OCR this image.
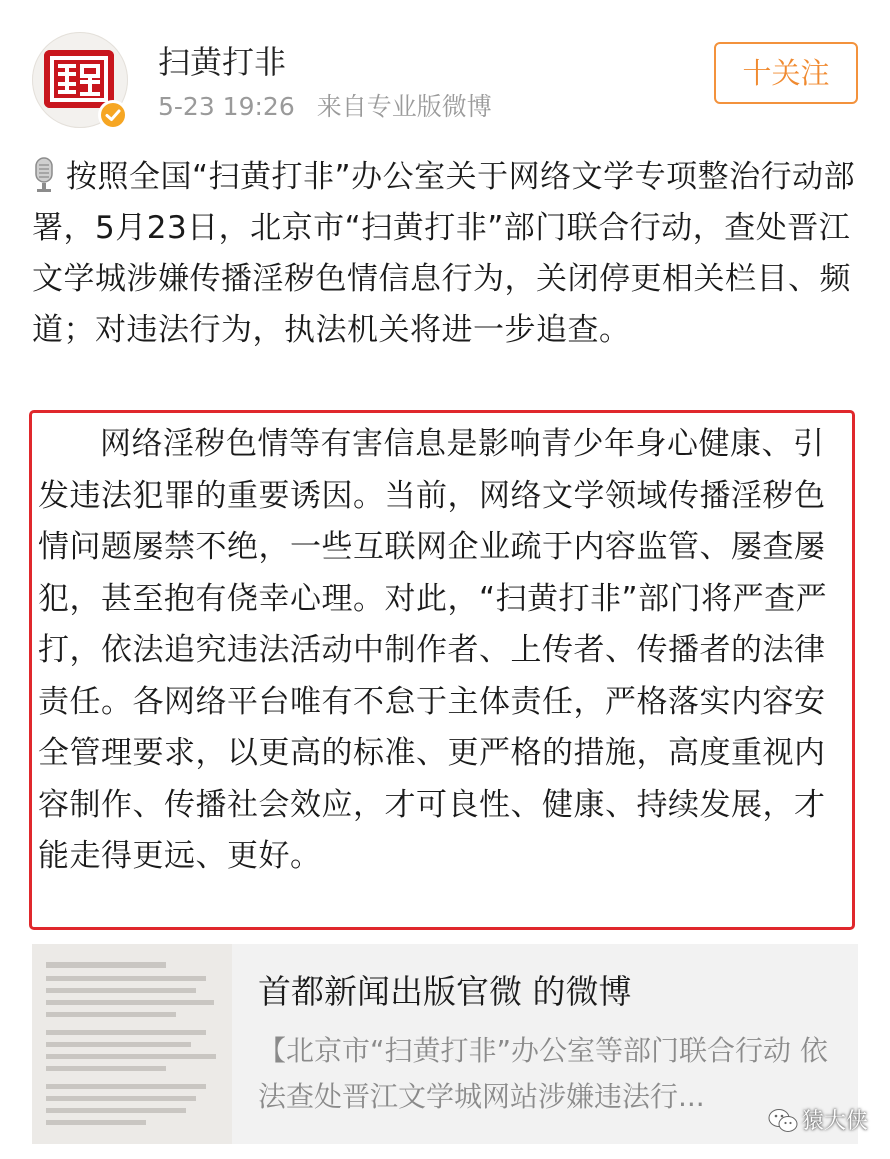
扫黄打非
5-23 19:26 来自专业版微博
十关注

按照全国“扫黄打非”办公室关于网络文学专项整治行动部署，5月23日，北京市“扫黄打非”部门联合行动，查处晋江文学城涉嫌传播淫秽色情信息行为，关闭停更相关栏目、频道；对违法行为，执法机关将进一步追查。

网络淫秽色情等有害信息是影响青少年身心健康、引发违法犯罪的重要诱因。当前，网络文学领域传播淫秽色情问题屡禁不绝，一些互联网企业疏于内容监管、屡查屡犯，甚至抱有侥幸心理。对此，“扫黄打非”部门将严查严打，依法追究违法活动中制作者、上传者、传播者的法律责任。各网络平台唯有不怠于主体责任，严格落实内容安全管理要求，以更高的标准、更严格的措施，高度重视内容制作、传播社会效应，才可良性、健康、持续发展，才能走得更远、更好。

首都新闻出版官微 的微博

【北京市“扫黄打非”办公室等部门联合行动 依法查处晋江文学城网站涉嫌违法行...

猿大侠
